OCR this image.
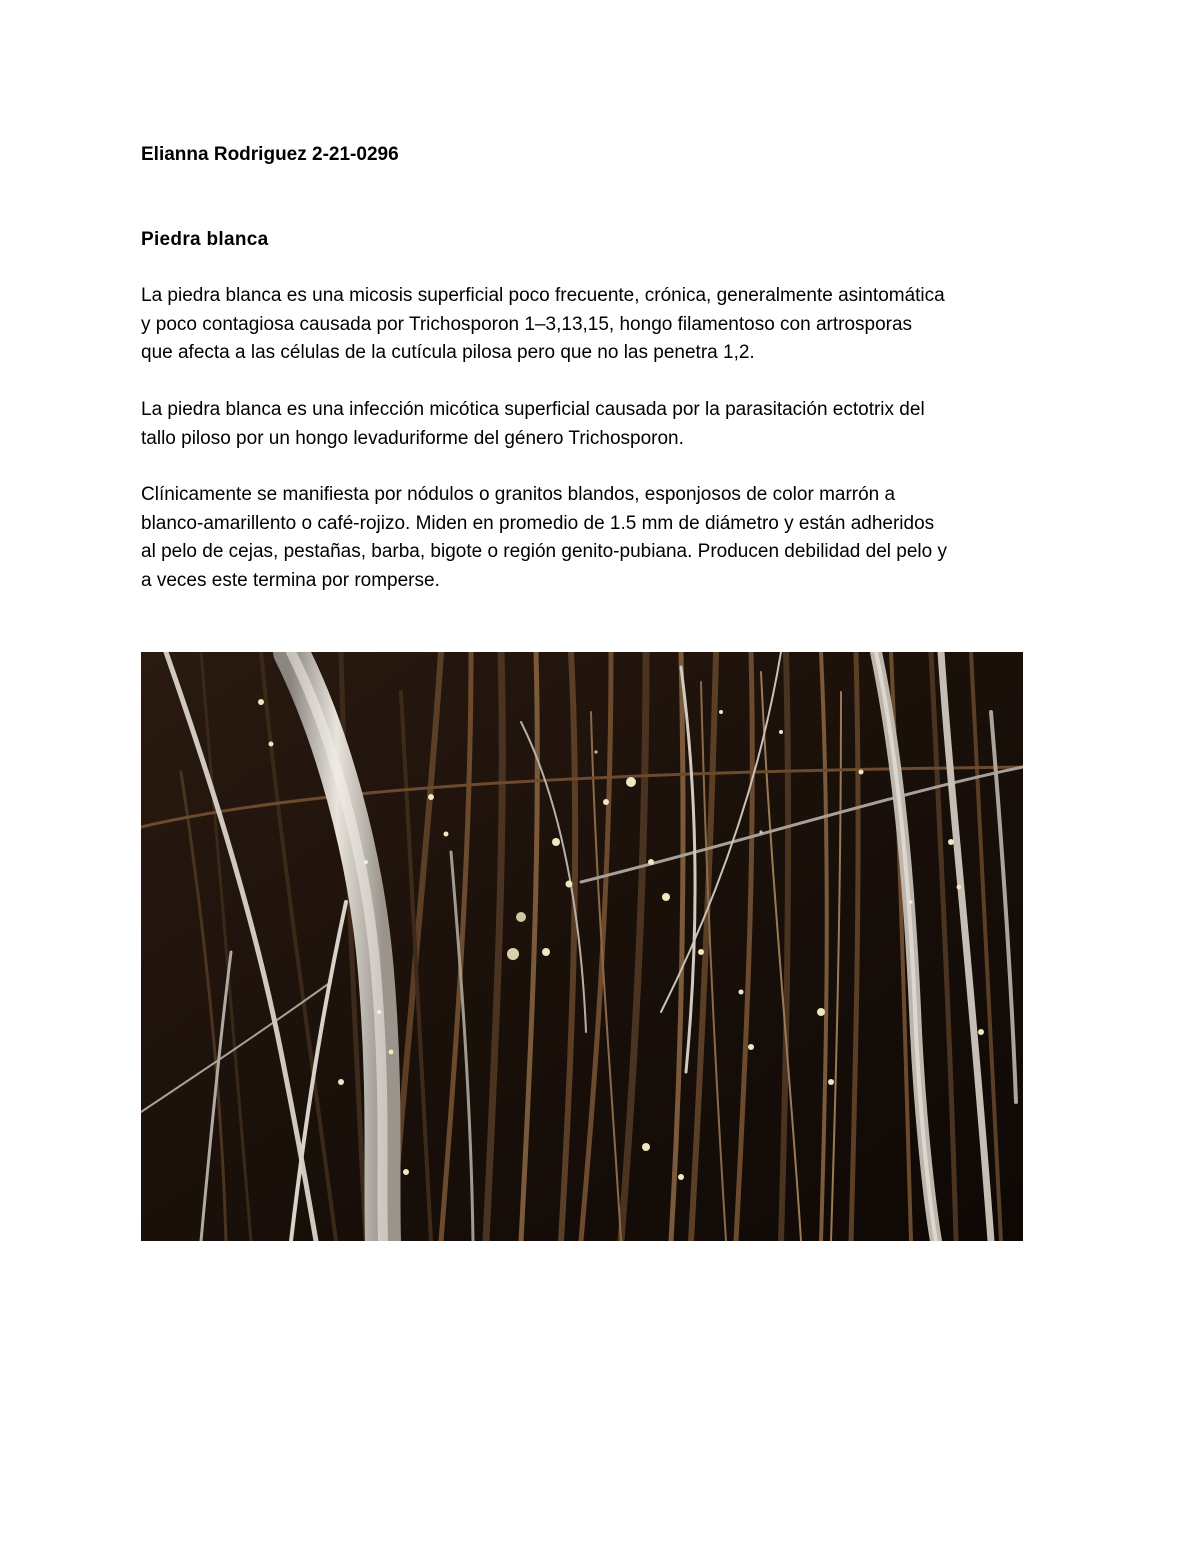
Elianna Rodriguez 2-21-0296
Piedra blanca

La piedra blanca es una micosis superficial poco frecuente, crónica, generalmente asintomática
y poco contagiosa causada por Trichosporon 1–3,13,15, hongo filamentoso con artrosporas
que afecta a las células de la cutícula pilosa pero que no las penetra 1,2.

La piedra blanca es una infección micótica superficial causada por la parasitación ectotrix del
tallo piloso por un hongo levaduriforme del género Trichosporon.

Clínicamente se manifiesta por nódulos o granitos blandos, esponjosos de color marrón a
blanco-amarillento o café-rojizo. Miden en promedio de 1.5 mm de diámetro y están adheridos
al pelo de cejas, pestañas, barba, bigote o región genito-pubiana. Producen debilidad del pelo y
a veces este termina por romperse.
